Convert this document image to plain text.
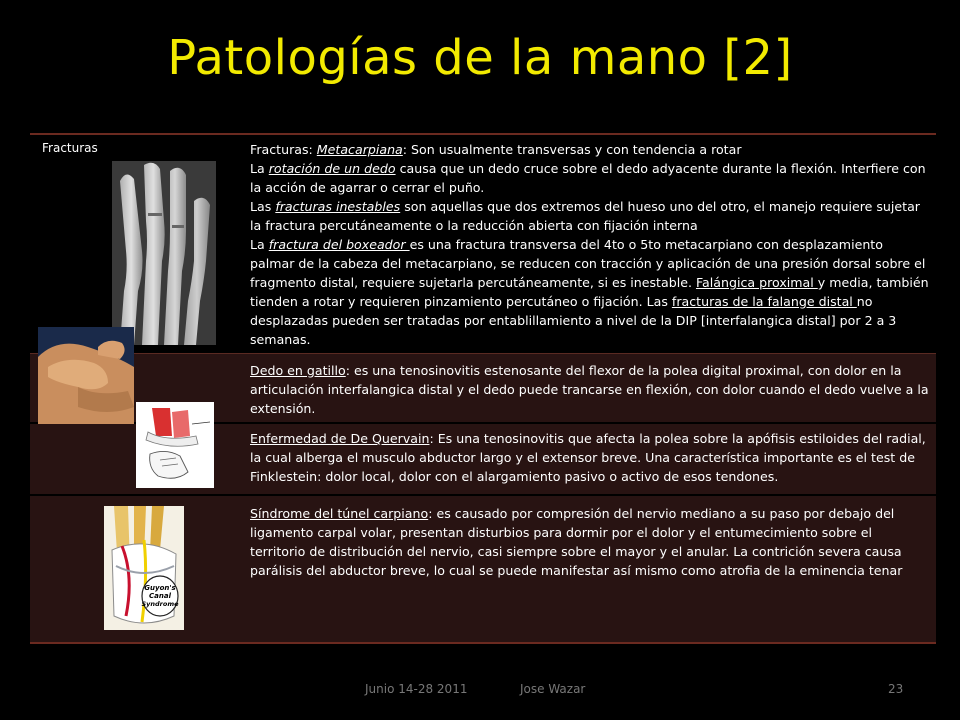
Patologías de la mano [2]
Fracturas	Fracturas: Metacarpiana: Son usualmente transversas y con tendencia a rotar

La rotación de un dedo causa que un dedo cruce sobre el dedo adyacente durante la flexión. Interfiere con la acción de agarrar o cerrar el puño.

Las fracturas inestables son aquellas que dos extremos del hueso uno del otro, el manejo requiere sujetar la fractura percutáneamente o la reducción abierta con fijación interna

La fractura del boxeador es una fractura transversa del 4to o 5to metacarpiano con desplazamiento palmar de la cabeza del metacarpiano, se reducen con tracción y aplicación de una presión dorsal sobre el fragmento distal, requiere sujetarla percutáneamente, si es inestable. Falángica proximal y media, también tienden a rotar y requieren pinzamiento percutáneo o fijación. Las fracturas de la falange distal no desplazadas pueden ser tratadas por entablillamiento a nivel de la DIP [interfalangica distal] por 2 a 3 semanas.

Dedo en gatillo: es una tenosinovitis estenosante del flexor de la polea digital proximal, con dolor en la articulación interfalangica distal y el dedo puede trancarse en flexión, con dolor cuando el dedo vuelve a la extensión.
Enfermedad de De Quervain: Es una tenosinovitis que afecta la polea sobre la apófisis estiloides del radial, la cual alberga el musculo abductor largo y el extensor breve. Una característica importante es el test de Finklestein: dolor local, dolor con el alargamiento pasivo o activo de esos tendones.
Síndrome del túnel carpiano: es causado por compresión del nervio mediano a su paso por debajo del ligamento carpal volar, presentan disturbios para dormir por el dolor y el entumecimiento sobre el territorio de distribución del nervio, casi siempre sobre el mayor y el anular. La contrición severa causa parálisis del abductor breve, lo cual se puede manifestar así mismo como atrofia de la eminencia tenar
Guyon's
Canal
Syndrome
Junio 14-28 2011	Jose Wazar	23
